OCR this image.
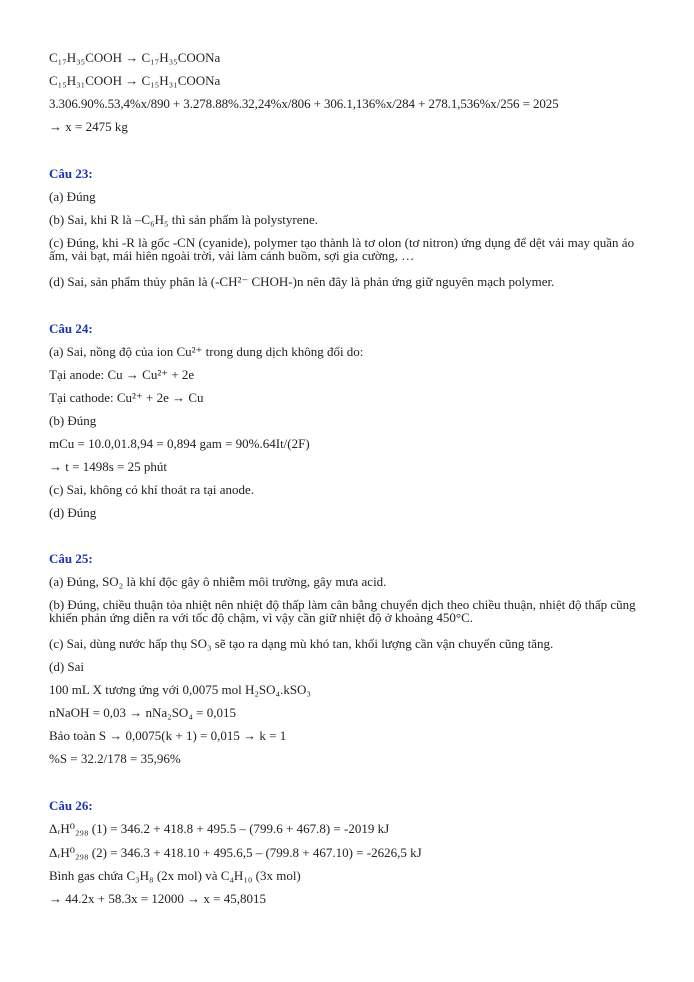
C₁₇H₃₅COOH → C₁₇H₃₅COONa
C₁₅H₃₁COOH → C₁₅H₃₁COONa
3.306.90%.53,4%x/890 + 3.278.88%.32,24%x/806 + 306.1,136%x/284 + 278.1,536%x/256 = 2025
→ x = 2475 kg
Câu 23:
(a) Đúng
(b) Sai, khi R là –C₆H₅ thì sản phẩm là polystyrene.
(c) Đúng, khi -R là gốc -CN (cyanide), polymer tạo thành là tơ olon (tơ nitron) ứng dụng để dệt vải may quần áo ấm, vải bạt, mái hiên ngoài trời, vải làm cánh buồm, sợi gia cường, …
(d) Sai, sản phẩm thủy phân là (-CH²⁻ CHOH-)n nên đây là phản ứng giữ nguyên mạch polymer.
Câu 24:
(a) Sai, nồng độ của ion Cu²⁺ trong dung dịch không đổi do:
Tại anode: Cu → Cu²⁺ + 2e
Tại cathode: Cu²⁺ + 2e → Cu
(b) Đúng
mCu = 10.0,01.8,94 = 0,894 gam = 90%.64It/(2F)
→ t = 1498s = 25 phút
(c) Sai, không có khí thoát ra tại anode.
(d) Đúng
Câu 25:
(a) Đúng, SO₂ là khí độc gây ô nhiễm môi trường, gây mưa acid.
(b) Đúng, chiều thuận tỏa nhiệt nên nhiệt độ thấp làm cân bằng chuyển dịch theo chiều thuận, nhiệt độ thấp cũng khiến phản ứng diễn ra với tốc độ chậm, vì vậy cần giữ nhiệt độ ở khoảng 450°C.
(c) Sai, dùng nước hấp thụ SO₃ sẽ tạo ra dạng mù khó tan, khối lượng cần vận chuyển cũng tăng.
(d) Sai
100 mL X tương ứng với 0,0075 mol H₂SO₄.kSO₃
nNaOH = 0,03 → nNa₂SO₄ = 0,015
Bảo toàn S → 0,0075(k + 1) = 0,015 → k = 1
%S = 32.2/178 = 35,96%
Câu 26:
ΔᵣH⁰₂₉₈ (1) = 346.2 + 418.8 + 495.5 – (799.6 + 467.8) = -2019 kJ
ΔᵣH⁰₂₉₈ (2) = 346.3 + 418.10 + 495.6,5 – (799.8 + 467.10) = -2626,5 kJ
Bình gas chứa C₃H₈ (2x mol) và C₄H₁₀ (3x mol)
→ 44.2x + 58.3x = 12000 → x = 45,8015
